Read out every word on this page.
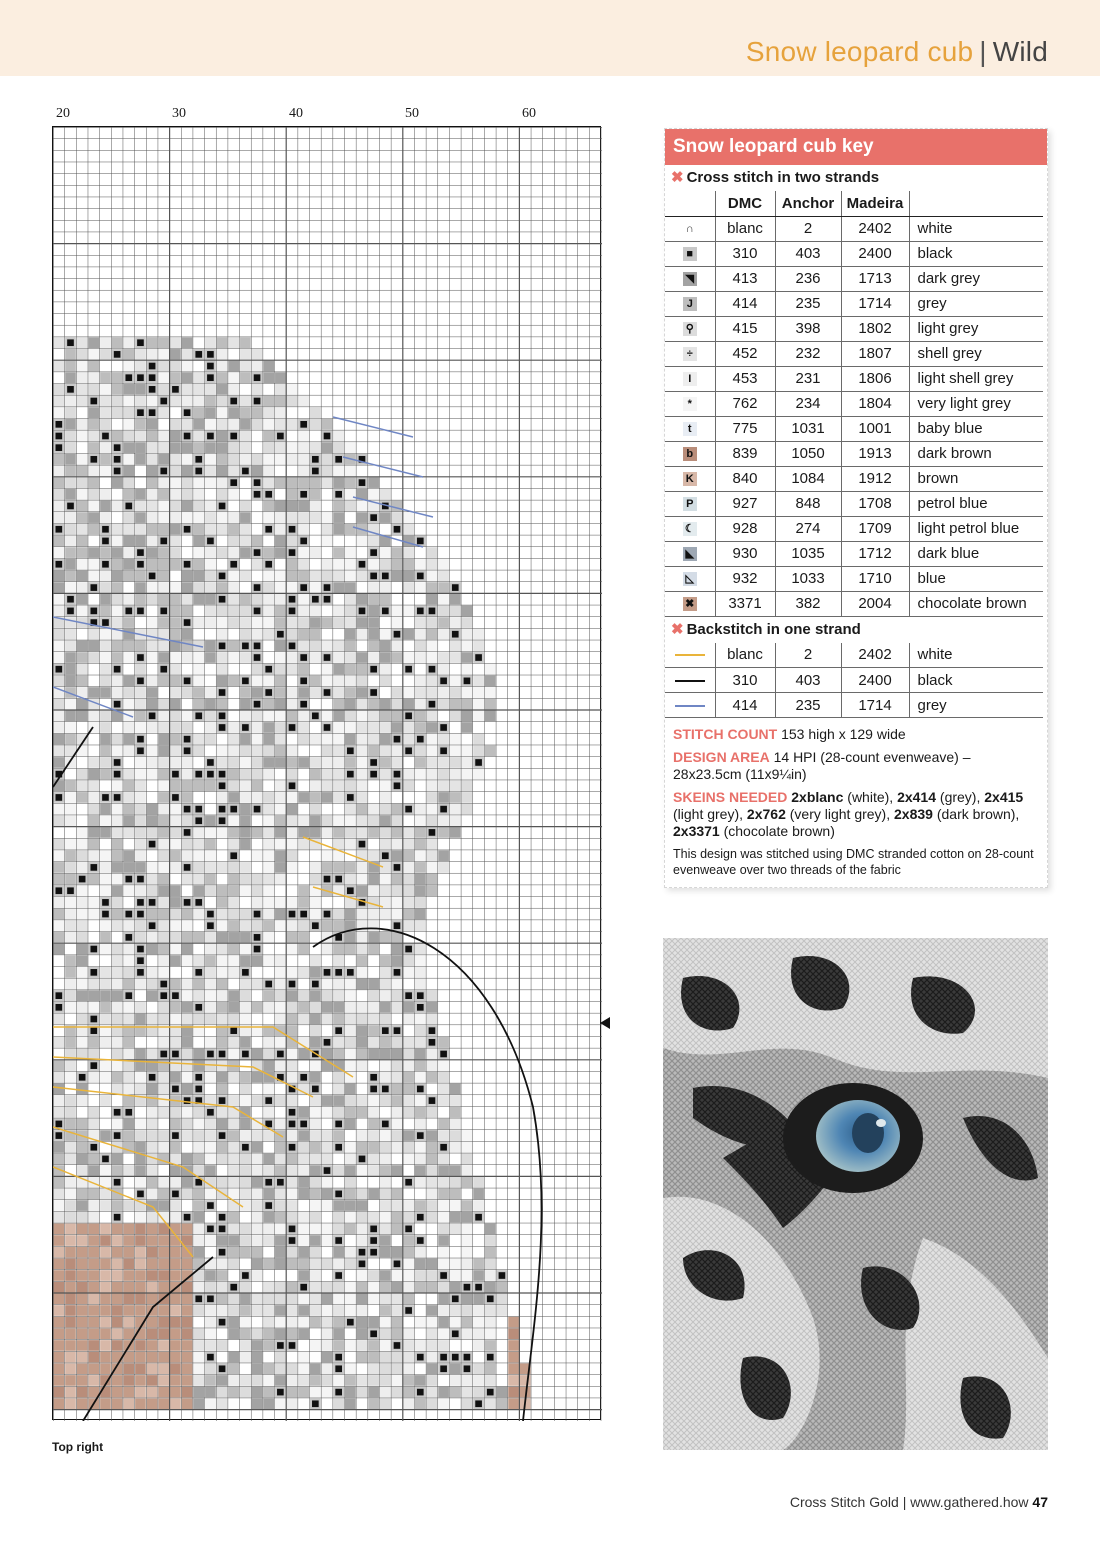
Snow leopard cub | Wild
20	30	40	50	60
Top right
Snow leopard cub key
✖ Cross stitch in two strands
	DMC	Anchor	Madeira	
∩	blanc	2	2402	white
■	310	403	2400	black
◥	413	236	1713	dark grey
J	414	235	1714	grey
⚲	415	398	1802	light grey
÷	452	232	1807	shell grey
I	453	231	1806	light shell grey
*	762	234	1804	very light grey
t	775	1031	1001	baby blue
b	839	1050	1913	dark brown
K	840	1084	1912	brown
P	927	848	1708	petrol blue
☾	928	274	1709	light petrol blue
◣	930	1035	1712	dark blue
◺	932	1033	1710	blue
✖	3371	382	2004	chocolate brown
✖ Backstitch in one strand
	blanc	2	2402	white
	310	403	2400	black
	414	235	1714	grey

STITCH COUNT 153 high x 129 wide

DESIGN AREA 14 HPI (28-count evenweave) – 28x23.5cm (11x9¼in)

SKEINS NEEDED 2xblanc (white), 2x414 (grey), 2x415 (light grey), 2x762 (very light grey), 2x839 (dark brown), 2x3371 (chocolate brown)

This design was stitched using DMC stranded cotton on 28-count evenweave over two threads of the fabric

Cross Stitch Gold | www.gathered.how 47
